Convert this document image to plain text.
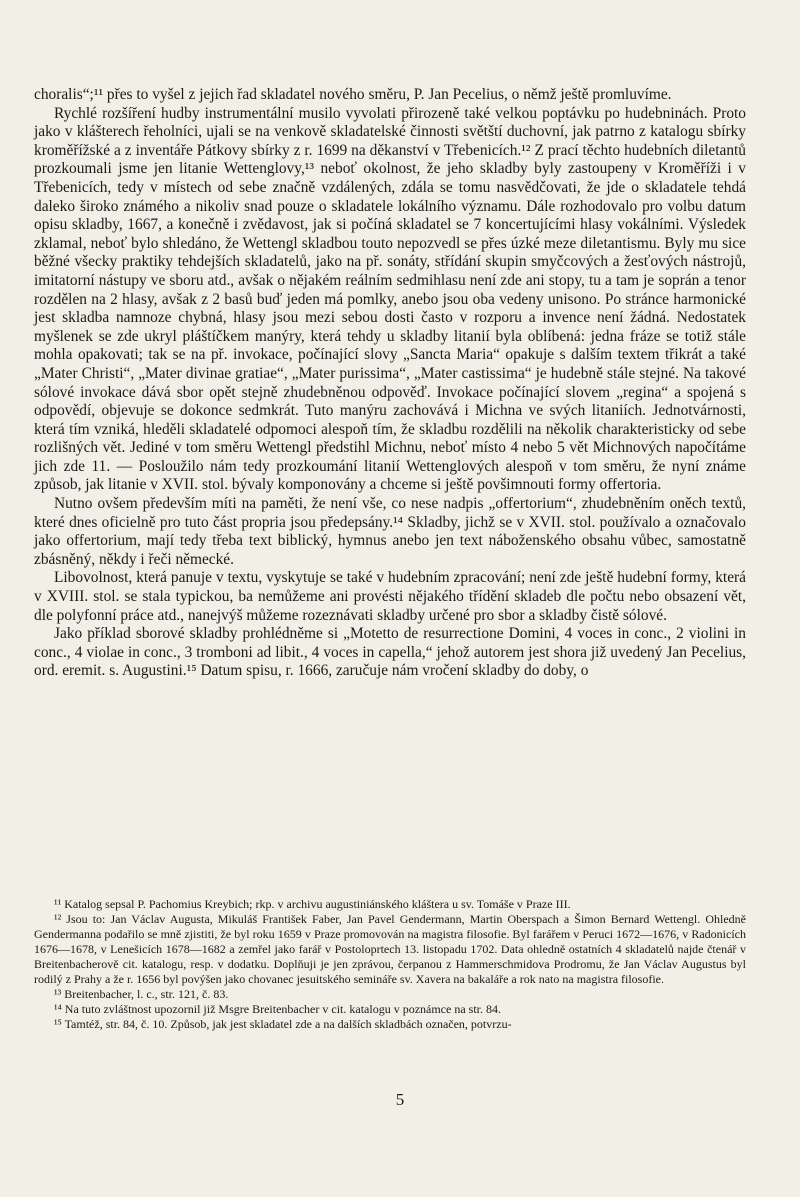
choralis“;¹¹ přes to vyšel z jejich řad skladatel nového směru, P. Jan Pecelius, o němž ještě promluvíme.

Rychlé rozšíření hudby instrumentální musilo vyvolati přirozeně také velkou poptávku po hudebninách. Proto jako v klášterech řeholníci, ujali se na venkově skladatelské činnosti světští duchovní, jak patrno z katalogu sbírky kroměřížské a z inventáře Pátkovy sbírky z r. 1699 na děkanství v Třebenicích.¹² Z prací těchto hudebních diletantů prozkoumali jsme jen litanie Wettenglovy,¹³ neboť okolnost, že jeho skladby byly zastoupeny v Kroměříži i v Třebenicích, tedy v místech od sebe značně vzdálených, zdála se tomu nasvědčovati, že jde o skladatele tehdá daleko široko známého a nikoliv snad pouze o skladatele lokálního významu. Dále rozhodovalo pro volbu datum opisu skladby, 1667, a konečně i zvědavost, jak si počíná skladatel se 7 koncertujícími hlasy vokálními. Výsledek zklamal, neboť bylo shledáno, že Wettengl skladbou touto nepozvedl se přes úzké meze diletantismu. Byly mu sice běžné všecky praktiky tehdejších skladatelů, jako na př. sonáty, střídání skupin smyčcových a žesťových nástrojů, imitatorní nástupy ve sboru atd., avšak o nějakém reálním sedmihlasu není zde ani stopy, tu a tam je soprán a tenor rozdělen na 2 hlasy, avšak z 2 basů buď jeden má pomlky, anebo jsou oba vedeny unisono. Po stránce harmonické jest skladba namnoze chybná, hlasy jsou mezi sebou dosti často v rozporu a invence není žádná. Nedostatek myšlenek se zde ukryl pláštíčkem manýry, která tehdy u skladby litanií byla oblíbená: jedna fráze se totiž stále mohla opakovati; tak se na př. invokace, počínající slovy „Sancta Maria“ opakuje s dalším textem třikrát a také „Mater Christi“, „Mater divinae gratiae“, „Mater purissima“, „Mater castissima“ je hudebně stále stejné. Na takové sólové invokace dává sbor opět stejně zhudebněnou odpověď. Invokace počínající slovem „regina“ a spojená s odpovědí, objevuje se dokonce sedmkrát. Tuto manýru zachovává i Michna ve svých litaniích. Jednotvárnosti, která tím vzniká, hleděli skladatelé odpomoci alespoň tím, že skladbu rozdělili na několik charakteristicky od sebe rozlišných vět. Jediné v tom směru Wettengl předstihl Michnu, neboť místo 4 nebo 5 vět Michnových napočítáme jich zde 11. — Posloužilo nám tedy prozkoumání litanií Wettenglových alespoň v tom směru, že nyní známe způsob, jak litanie v XVII. stol. bývaly komponovány a chceme si ještě povšimnouti formy offertoria.

Nutno ovšem především míti na paměti, že není vše, co nese nadpis „offertorium“, zhudebněním oněch textů, které dnes oficielně pro tuto část propria jsou předepsány.¹⁴ Skladby, jichž se v XVII. stol. používalo a označovalo jako offertorium, mají tedy třeba text biblický, hymnus anebo jen text náboženského obsahu vůbec, samostatně zbásněný, někdy i řeči německé.

Libovolnost, která panuje v textu, vyskytuje se také v hudebním zpracování; není zde ještě hudební formy, která v XVIII. stol. se stala typickou, ba nemůžeme ani provésti nějakého třídění skladeb dle počtu nebo obsazení vět, dle polyfonní práce atd., nanejvýš můžeme rozeznávati skladby určené pro sbor a skladby čistě sólové.

Jako příklad sborové skladby prohlédněme si „Motetto de resurrectione Domini, 4 voces in conc., 2 violini in conc., 4 violae in conc., 3 tromboni ad libit., 4 voces in capella,“ jehož autorem jest shora již uvedený Jan Pecelius, ord. eremit. s. Augustini.¹⁵ Datum spisu, r. 1666, zaručuje nám vročení skladby do doby, o

¹¹ Katalog sepsal P. Pachomius Kreybich; rkp. v archivu augustiniánského kláštera u sv. Tomáše v Praze III.

¹² Jsou to: Jan Václav Augusta, Mikuláš František Faber, Jan Pavel Gendermann, Martin Oberspach a Šimon Bernard Wettengl. Ohledně Gendermanna podařilo se mně zjistiti, že byl roku 1659 v Praze promovován na magistra filosofie. Byl farářem v Peruci 1672—1676, v Radonicích 1676—1678, v Lenešicích 1678—1682 a zemřel jako farář v Postoloprtech 13. listopadu 1702. Data ohledně ostatních 4 skladatelů najde čtenář v Breitenbacherově cit. katalogu, resp. v dodatku. Doplňuji je jen zprávou, čerpanou z Hammerschmidova Prodromu, že Jan Václav Augustus byl rodilý z Prahy a že r. 1656 byl povýšen jako chovanec jesuitského semináře sv. Xavera na bakaláře a rok nato na magistra filosofie.

¹³ Breitenbacher, l. c., str. 121, č. 83.

¹⁴ Na tuto zvláštnost upozornil již Msgre Breitenbacher v cit. katalogu v poznámce na str. 84.

¹⁵ Tamtéž, str. 84, č. 10. Způsob, jak jest skladatel zde a na dalších skladbách označen, potvrzu-

5
